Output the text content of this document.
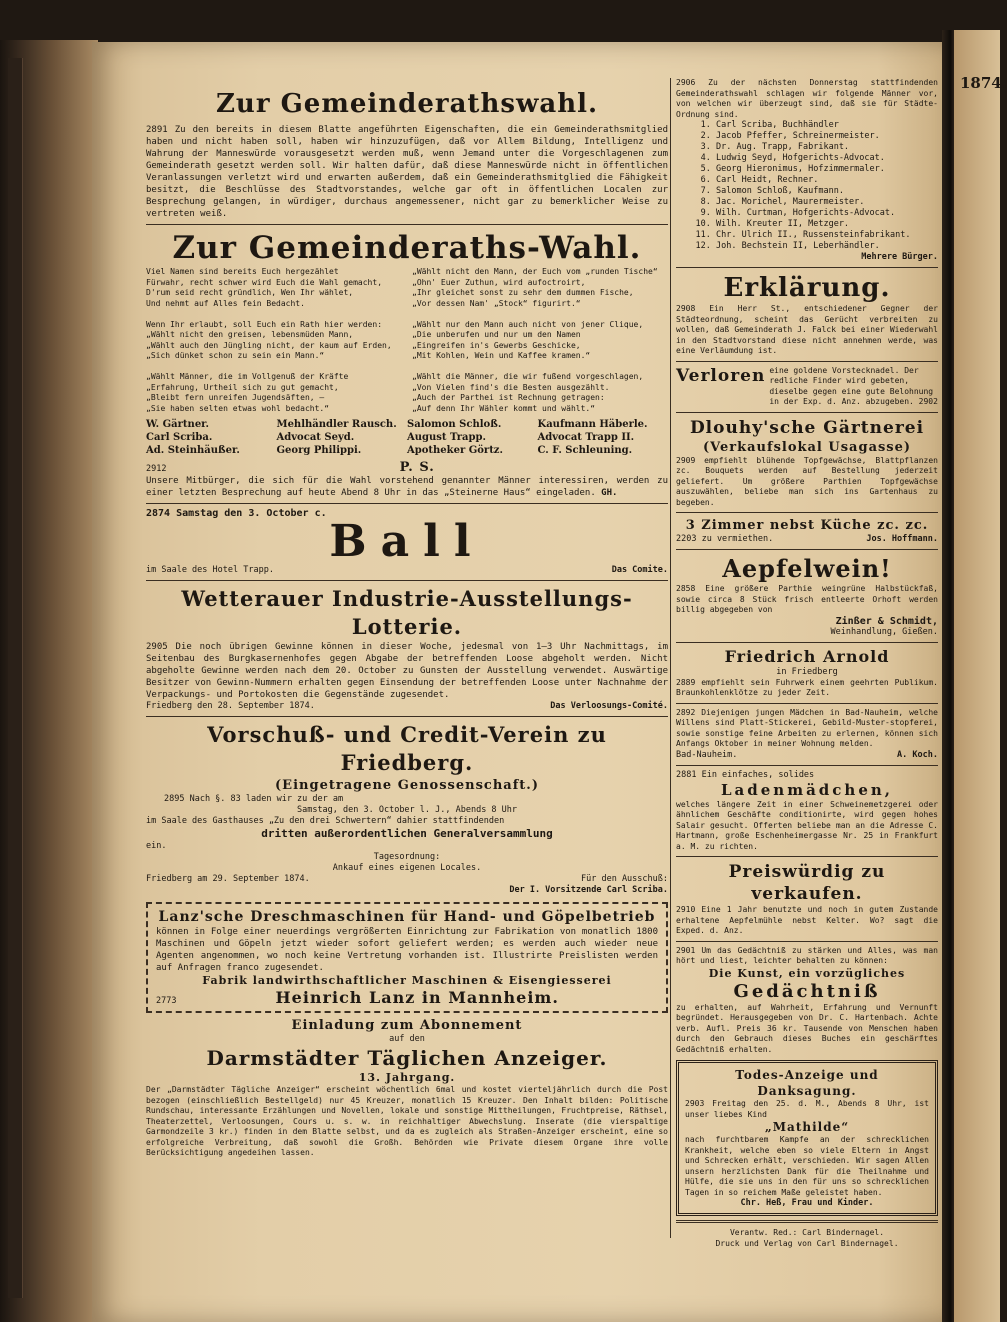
1874.
Zur Gemeinderathswahl.

2891 Zu den bereits in diesem Blatte angeführten Eigenschaften, die ein Gemeinderathsmitglied haben und nicht haben soll, haben wir hinzuzufügen, daß vor Allem Bildung, Intelligenz und Wahrung der Manneswürde vorausgesetzt werden muß, wenn Jemand unter die Vorgeschlagenen zum Gemeinderath gesetzt werden soll. Wir halten dafür, daß diese Manneswürde nicht in öffentlichen Veranlassungen verletzt wird und erwarten außerdem, daß ein Gemeinderathsmitglied die Fähigkeit besitzt, die Beschlüsse des Stadtvorstandes, welche gar oft in öffentlichen Localen zur Besprechung gelangen, in würdiger, durchaus angemessener, nicht gar zu bemerklicher Weise zu vertreten weiß.

Zur Gemeinderaths-Wahl.
Viel Namen sind bereits Euch hergezählet
Fürwahr, recht schwer wird Euch die Wahl gemacht,
D'rum seid recht gründlich, Wen Ihr wählet,
Und nehmt auf Alles fein Bedacht.

Wenn Ihr erlaubt, soll Euch ein Rath hier werden:
„Wählt nicht den greisen, lebensmüden Mann,
„Wählt auch den Jüngling nicht, der kaum auf Erden,
„Sich dünket schon zu sein ein Mann.“

„Wählt Männer, die im Vollgenuß der Kräfte
„Erfahrung, Urtheil sich zu gut gemacht,
„Bleibt fern unreifen Jugendsäften, –
„Sie haben selten etwas wohl bedacht.“
„Wählt nicht den Mann, der Euch vom „runden Tische“
„Ohn' Euer Zuthun, wird aufoctroirt,
„Ihr gleichet sonst zu sehr dem dummen Fische,
„Vor dessen Nam' „Stock“ figurirt.“

„Wählt nur den Mann auch nicht von jener Clique,
„Die unberufen und nur um den Namen
„Eingreifen in's Gewerbs Geschicke,
„Mit Kohlen, Wein und Kaffee kramen.“

„Wählt die Männer, die wir fußend vorgeschlagen,
„Von Vielen find's die Besten ausgezählt.
„Auch der Parthei ist Rechnung getragen:
„Auf denn Ihr Wähler kommt und wählt.“
W. Gärtner.	Mehlhändler Rausch.	Salomon Schloß.	Kaufmann Häberle.
Carl Scriba.	Advocat Seyd.	August Trapp.	Advocat Trapp II.
Ad. Steinhäußer.	Georg Philippi.	Apotheker Görtz.	C. F. Schleuning.
2912	P. S.

Unsere Mitbürger, die sich für die Wahl vorstehend genannter Männer interessiren, werden zu einer letzten Besprechung auf heute Abend 8 Uhr in das „Steinerne Haus“ eingeladen. GH.

2874 Samstag den 3. October c.
Ball
im Saale des Hotel Trapp.	Das Comite.
Wetterauer Industrie-Ausstellungs-Lotterie.

2905 Die noch übrigen Gewinne können in dieser Woche, jedesmal von 1–3 Uhr Nachmittags, im Seitenbau des Burgkasernenhofes gegen Abgabe der betreffenden Loose abgeholt werden. Nicht abgeholte Gewinne werden nach dem 20. October zu Gunsten der Ausstellung verwendet. Auswärtige Besitzer von Gewinn-Nummern erhalten gegen Einsendung der betreffenden Loose unter Nachnahme der Verpackungs- und Portokosten die Gegenstände zugesendet.

Friedberg den 28. September 1874.	Das Verloosungs-Comité.
Vorschuß- und Credit-Verein zu Friedberg.
(Eingetragene Genossenschaft.)
2895 Nach §. 83 laden wir zu der am
Samstag, den 3. October l. J., Abends 8 Uhr
im Saale des Gasthauses „Zu den drei Schwertern“ dahier stattfindenden
dritten außerordentlichen Generalversammlung
ein.
Tagesordnung:
Ankauf eines eigenen Locales.
Friedberg am 29. September 1874.	Für den Ausschuß:
Der I. Vorsitzende Carl Scriba.
Lanz'sche Dreschmaschinen für Hand- und Göpelbetrieb

können in Folge einer neuerdings vergrößerten Einrichtung zur Fabrikation von monatlich 1800 Maschinen und Göpeln jetzt wieder sofort geliefert werden; es werden auch wieder neue Agenten angenommen, wo noch keine Vertretung vorhanden ist. Illustrirte Preislisten werden auf Anfragen franco zugesendet.

Fabrik landwirthschaftlicher Maschinen & Eisengiesserei
2773	Heinrich Lanz in Mannheim.
Einladung zum Abonnement
auf den
Darmstädter Täglichen Anzeiger.
13. Jahrgang.

Der „Darmstädter Tägliche Anzeiger“ erscheint wöchentlich 6mal und kostet vierteljährlich durch die Post bezogen (einschließlich Bestellgeld) nur 45 Kreuzer, monatlich 15 Kreuzer. Den Inhalt bilden: Politische Rundschau, interessante Erzählungen und Novellen, lokale und sonstige Mittheilungen, Fruchtpreise, Räthsel, Theaterzettel, Verloosungen, Cours u. s. w. in reichhaltiger Abwechslung. Inserate (die vierspaltige Garmondzeile 3 kr.) finden in dem Blatte selbst, und da es zugleich als Straßen-Anzeiger erscheint, eine so erfolgreiche Verbreitung, daß sowohl die Großh. Behörden wie Private diesem Organe ihre volle Berücksichtigung angedeihen lassen.

2906 Zu der nächsten Donnerstag stattfindenden Gemeinderathswahl schlagen wir folgende Männer vor, von welchen wir überzeugt sind, daß sie für Städte-Ordnung sind.

1. Carl Scriba, Buchhändler
2. Jacob Pfeffer, Schreinermeister.
3. Dr. Aug. Trapp, Fabrikant.
4. Ludwig Seyd, Hofgerichts-Advocat.
5. Georg Hieronimus, Hofzimmermaler.
6. Carl Heidt, Rechner.
7. Salomon Schloß, Kaufmann.
8. Jac. Morichel, Maurermeister.
9. Wilh. Curtman, Hofgerichts-Advocat.
10. Wilh. Kreuter II, Metzger.
11. Chr. Ulrich II., Russensteinfabrikant.
12. Joh. Bechstein II, Leberhändler.
Mehrere Bürger.
Erklärung.

2908 Ein Herr St., entschiedener Gegner der Städteordnung, scheint das Gerücht verbreiten zu wollen, daß Gemeinderath J. Falck bei einer Wiederwahl in den Stadtvorstand diese nicht annehmen werde, was eine Verläumdung ist.

Verloren eine goldene Vorstecknadel. Der redliche Finder wird gebeten, dieselbe gegen eine gute Belohnung in der Exp. d. Anz. abzugeben. 2902
Dlouhy'sche Gärtnerei
(Verkaufslokal Usagasse)

2909 empfiehlt blühende Topfgewächse, Blattpflanzen zc. Bouquets werden auf Bestellung jederzeit geliefert. Um größere Parthien Topfgewächse auszuwählen, beliebe man sich ins Gartenhaus zu begeben.

3 Zimmer nebst Küche zc. zc.
2203 zu vermiethen.	Jos. Hoffmann.
Aepfelwein!

2858 Eine größere Parthie weingrüne Halbstückfaß, sowie circa 8 Stück frisch entleerte Orhoft werden billig abgegeben von

Zinßer & Schmidt,
Weinhandlung, Gießen.
Friedrich Arnold
in Friedberg

2889 empfiehlt sein Fuhrwerk einem geehrten Publikum. Braunkohlenklötze zu jeder Zeit.

2892 Diejenigen jungen Mädchen in Bad-Nauheim, welche Willens sind Platt-Stickerei, Gebild-Muster-stopferei, sowie sonstige feine Arbeiten zu erlernen, können sich Anfangs Oktober in meiner Wohnung melden.

Bad-Nauheim.	A. Koch.
2881 Ein einfaches, solides
Ladenmädchen,

welches längere Zeit in einer Schweinemetzgerei oder ähnlichem Geschäfte conditionirte, wird gegen hohes Salair gesucht. Offerten beliebe man an die Adresse C. Hartmann, große Eschenheimergasse Nr. 25 in Frankfurt a. M. zu richten.

Preiswürdig zu verkaufen.

2910 Eine 1 Jahr benutzte und noch in gutem Zustande erhaltene Aepfelmühle nebst Kelter. Wo? sagt die Exped. d. Anz.

2901 Um das Gedächtniß zu stärken und Alles, was man hört und liest, leichter behalten zu können:

Die Kunst, ein vorzügliches
Gedächtniß

zu erhalten, auf Wahrheit, Erfahrung und Vernunft begründet. Herausgegeben von Dr. C. Hartenbach. Achte verb. Aufl. Preis 36 kr. Tausende von Menschen haben durch den Gebrauch dieses Buches ein geschärftes Gedächtniß erhalten.

Todes-Anzeige und Danksagung.

2903 Freitag den 25. d. M., Abends 8 Uhr, ist unser liebes Kind

„Mathilde“

nach furchtbarem Kampfe an der schrecklichen Krankheit, welche eben so viele Eltern in Angst und Schrecken erhält, verschieden. Wir sagen Allen unsern herzlichsten Dank für die Theilnahme und Hülfe, die sie uns in den für uns so schrecklichen Tagen in so reichem Maße geleistet haben.

Chr. Heß, Frau und Kinder.
Verantw. Red.: Carl Bindernagel.
Druck und Verlag von Carl Bindernagel.
